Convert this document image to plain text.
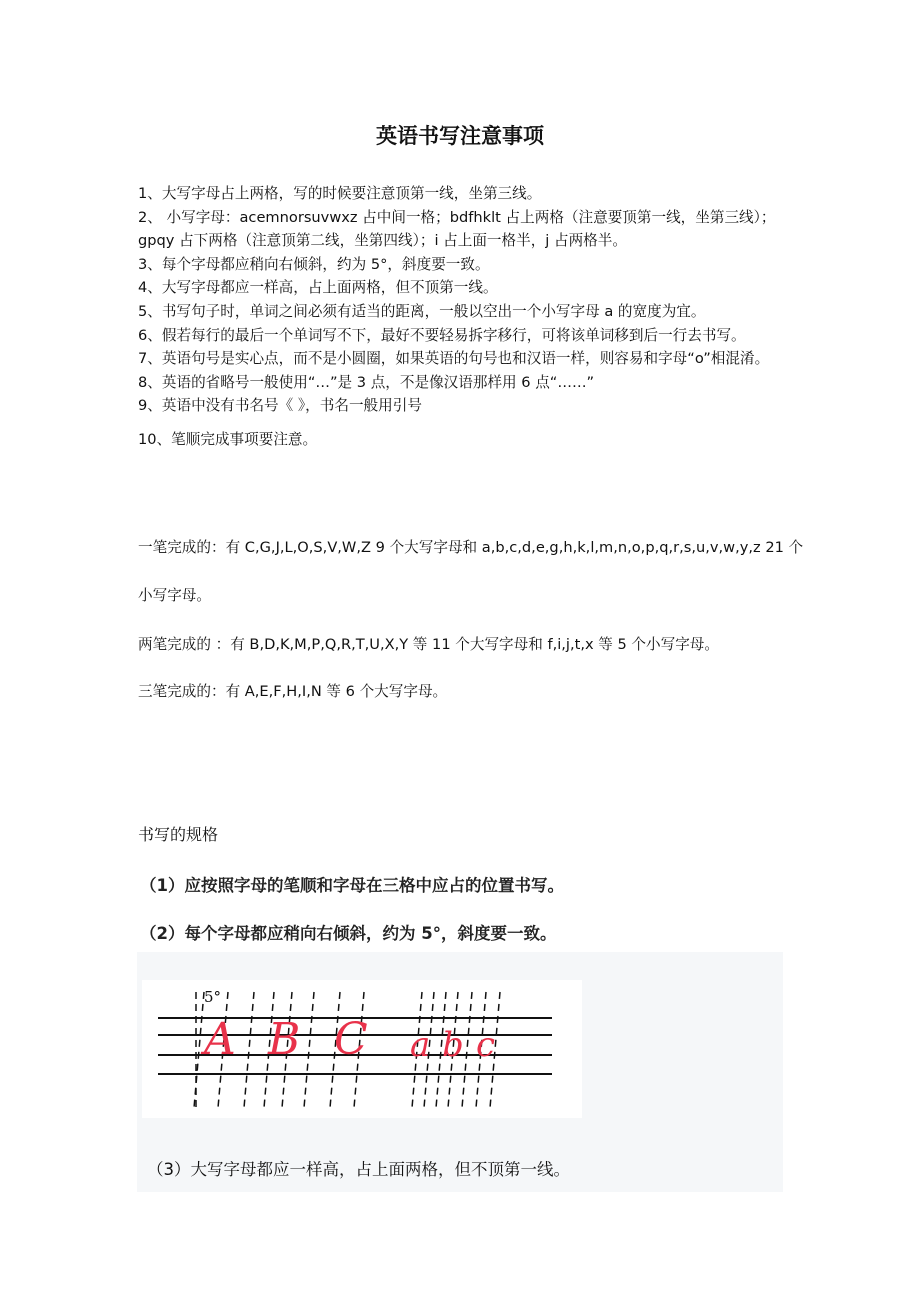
英语书写注意事项
1、大写字母占上两格，写的时候要注意顶第一线，坐第三线。
2、 小写字母：acemnorsuvwxz 占中间一格；bdfhklt 占上两格（注意要顶第一线，坐第三线）；gpqy 占下两格（注意顶第二线，坐第四线）；i 占上面一格半，j 占两格半。
3、每个字母都应稍向右倾斜，约为 5°，斜度要一致。
4、大写字母都应一样高，占上面两格，但不顶第一线。
5、书写句子时，单词之间必须有适当的距离，一般以空出一个小写字母 a 的宽度为宜。
6、假若每行的最后一个单词写不下，最好不要轻易拆字移行，可将该单词移到后一行去书写。
7、英语句号是实心点，而不是小圆圈，如果英语的句号也和汉语一样，则容易和字母“o”相混淆。
8、英语的省略号一般使用“…”是 3 点，不是像汉语那样用 6 点“……”
9、英语中没有书名号《 》，书名一般用引号
10、笔顺完成事项要注意。

一笔完成的：有 C,G,J,L,O,S,V,W,Z 9 个大写字母和 a,b,c,d,e,g,h,k,l,m,n,o,p,q,r,s,u,v,w,y,z 21 个

小写字母。

两笔完成的 ：有 B,D,K,M,P,Q,R,T,U,X,Y 等 11 个大写字母和 f,i,j,t,x 等 5 个小写字母。

三笔完成的：有 A,E,F,H,I,N 等 6 个大写字母。

书写的规格
（1）应按照字母的笔顺和字母在三格中应占的位置书写。
（2）每个字母都应稍向右倾斜，约为 5°，斜度要一致。
5°
A B C a b c
（3）大写字母都应一样高，占上面两格，但不顶第一线。
